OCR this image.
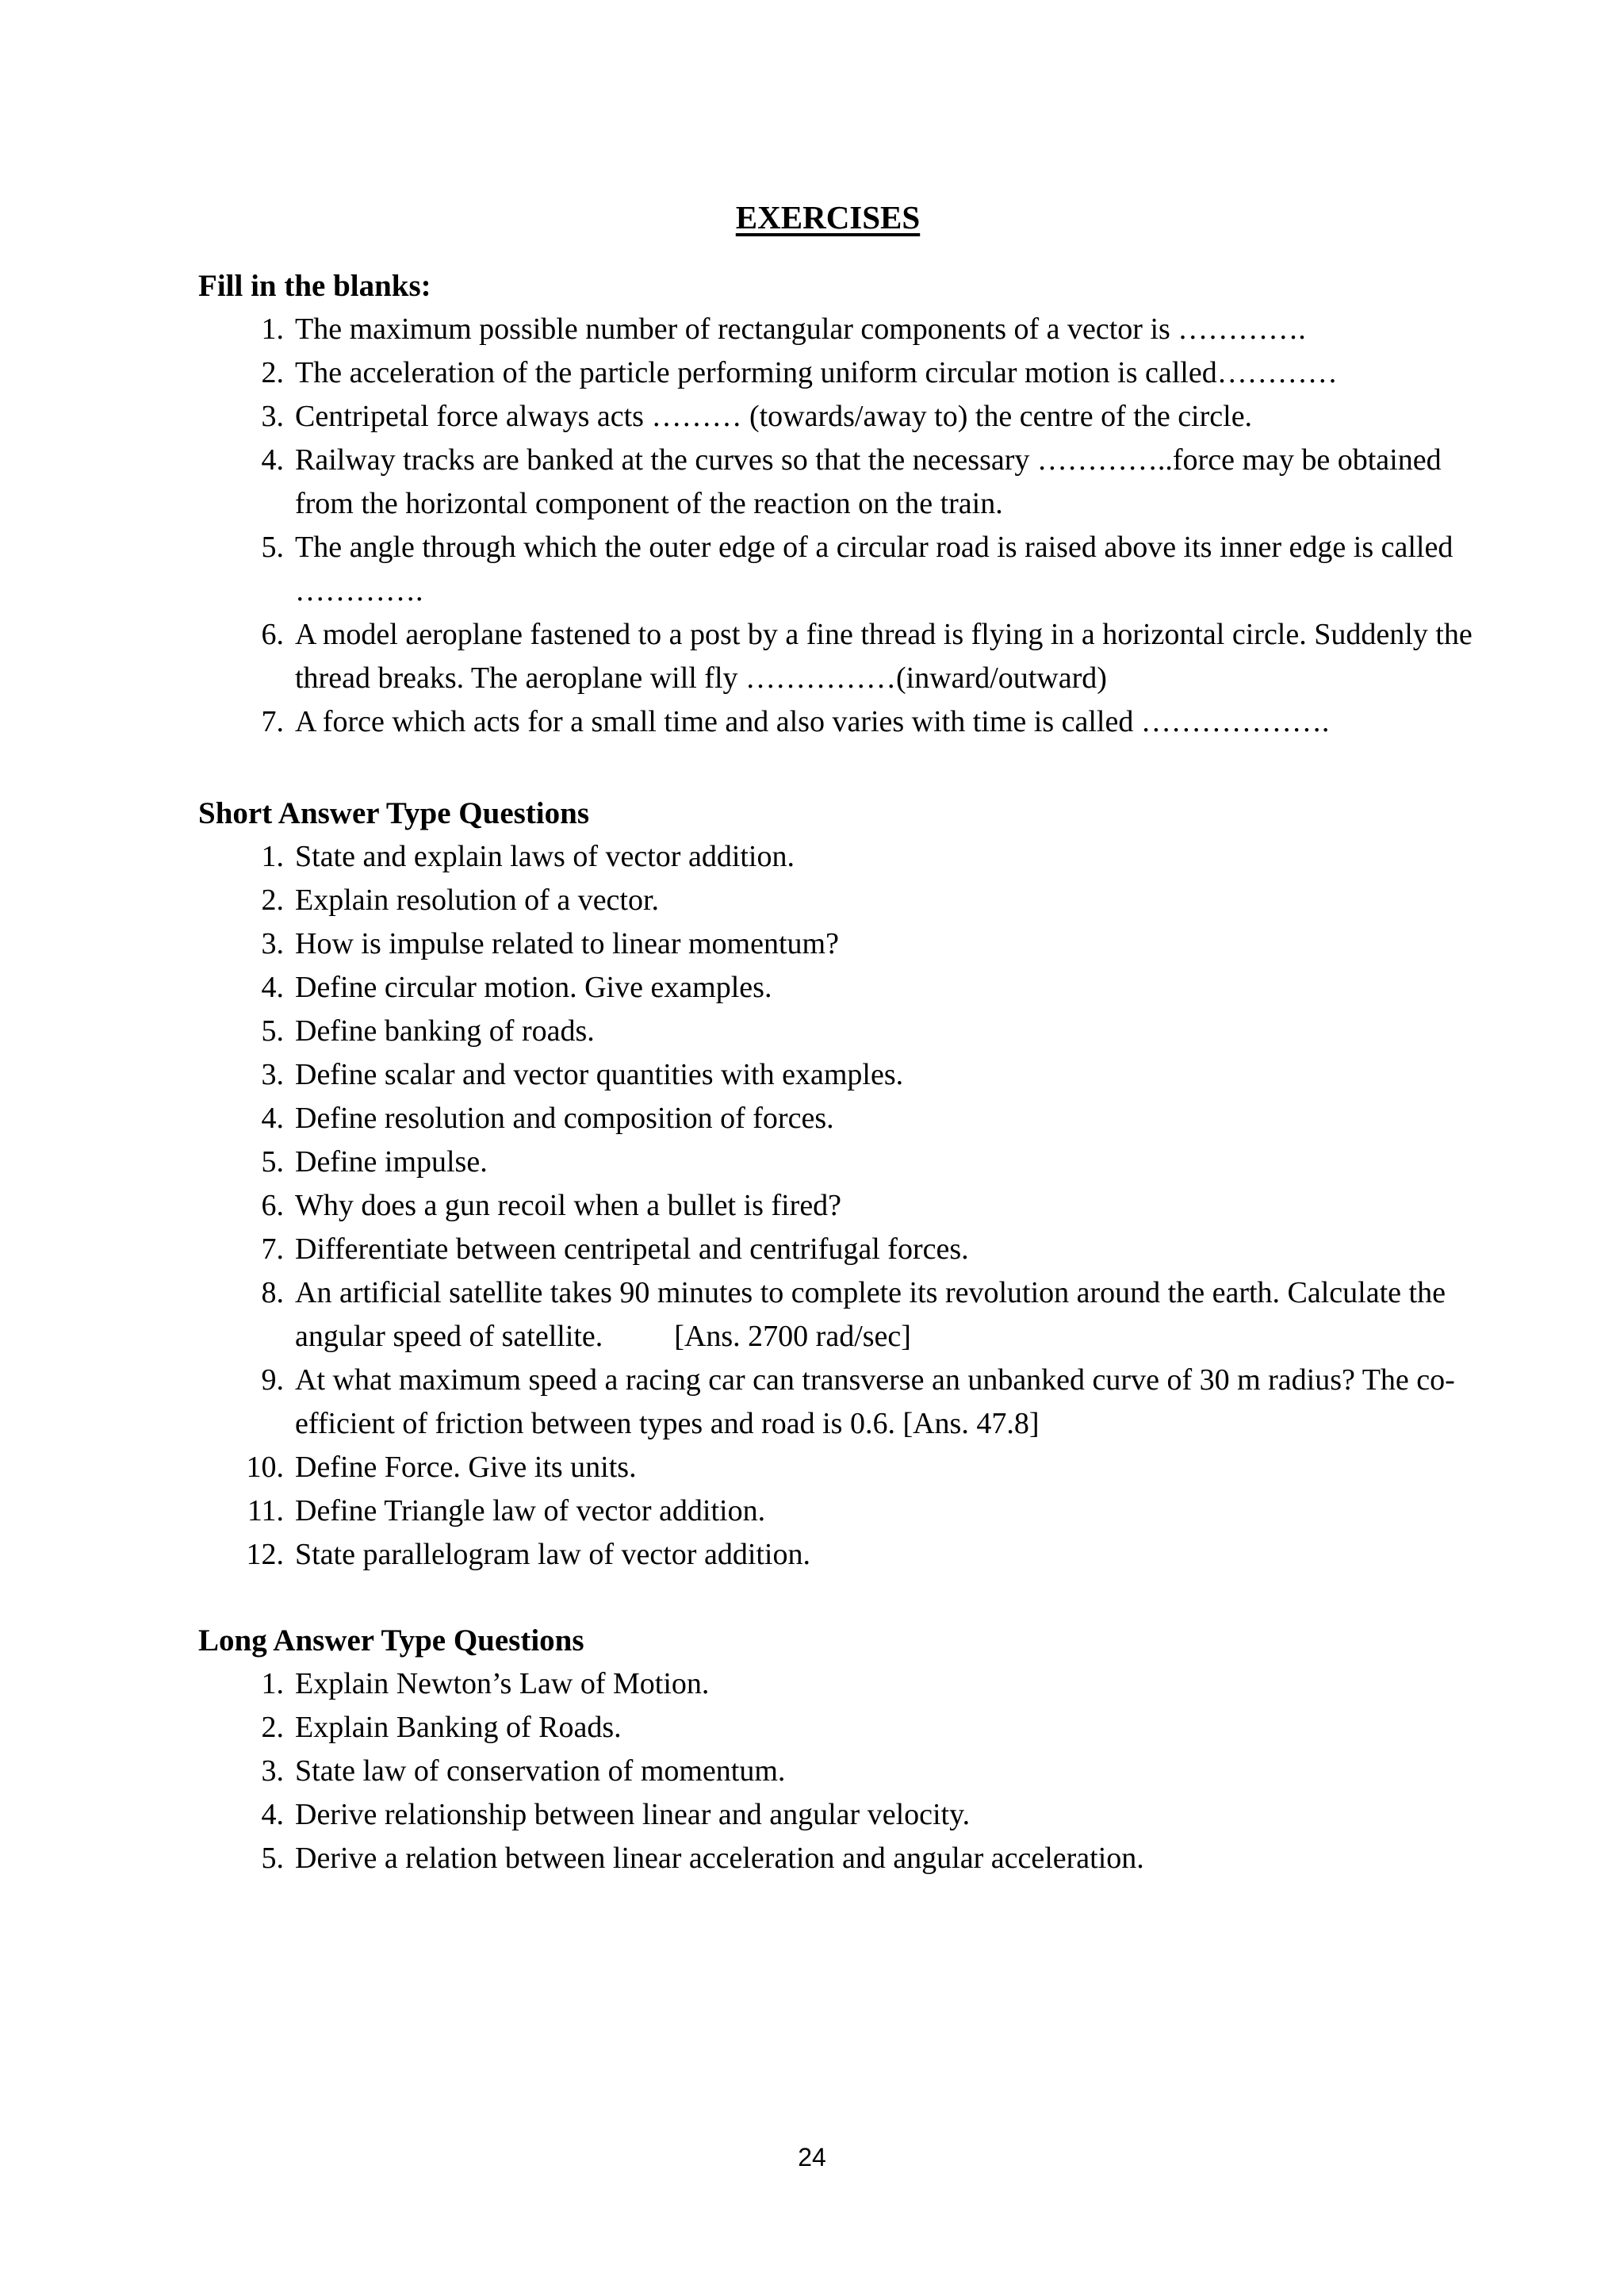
EXERCISES
Fill in the blanks:
1. The maximum possible number of rectangular components of a vector is ………….
2. The acceleration of the particle performing uniform circular motion is called…………
3. Centripetal force always acts ……… (towards/away to) the centre of the circle.
4. Railway tracks are banked at the curves so that the necessary …………..force may be obtained from the horizontal component of the reaction on the train.
5. The angle through which the outer edge of a circular road is raised above its inner edge is called ………….
6. A model aeroplane fastened to a post by a fine thread is flying in a horizontal circle. Suddenly the thread breaks. The aeroplane will fly ……………(inward/outward)
7. A force which acts for a small time and also varies with time is called ……………….
Short Answer Type Questions
1. State and explain laws of vector addition.
2. Explain resolution of a vector.
3. How is impulse related to linear momentum?
4. Define circular motion. Give examples.
5. Define banking of roads.
3. Define scalar and vector quantities with examples.
4. Define resolution and composition of forces.
5. Define impulse.
6. Why does a gun recoil when a bullet is fired?
7. Differentiate between centripetal and centrifugal forces.
8. An artificial satellite takes 90 minutes to complete its revolution around the earth. Calculate the angular speed of satellite. [Ans. 2700 rad/sec]
9. At what maximum speed a racing car can transverse an unbanked curve of 30 m radius? The co-efficient of friction between types and road is 0.6. [Ans. 47.8]
10. Define Force. Give its units.
11. Define Triangle law of vector addition.
12. State parallelogram law of vector addition.
Long Answer Type Questions
1. Explain Newton’s Law of Motion.
2. Explain Banking of Roads.
3. State law of conservation of momentum.
4. Derive relationship between linear and angular velocity.
5. Derive a relation between linear acceleration and angular acceleration.
24
